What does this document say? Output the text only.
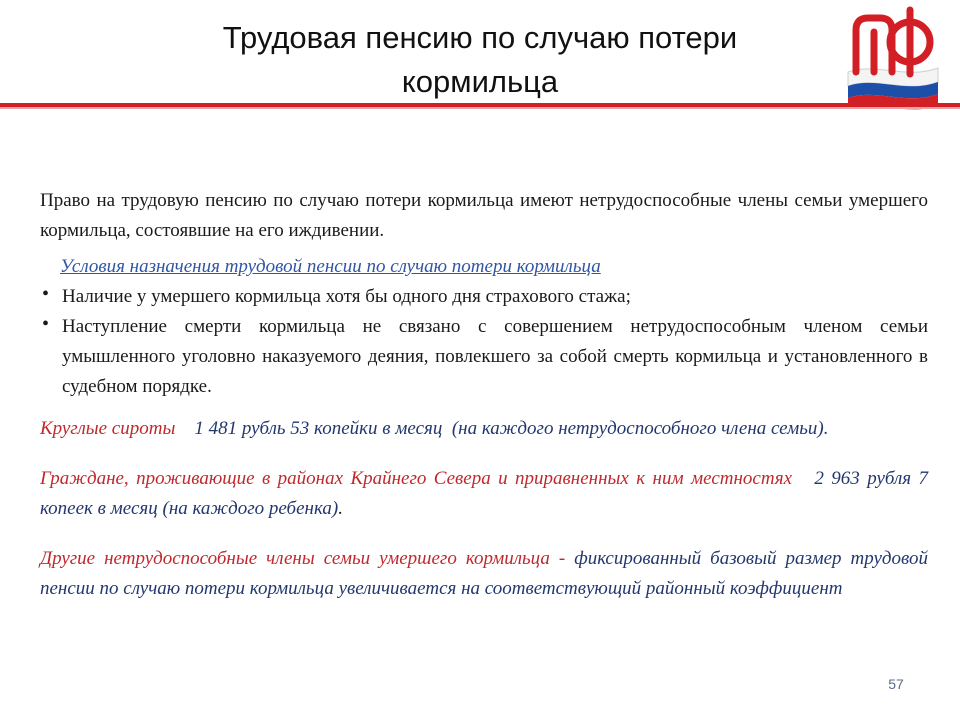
Трудовая пенсию по случаю потери
кормильца

Право на трудовую пенсию по случаю потери кормильца имеют нетрудоспособные члены семьи умершего кормильца, состоявшие на его иждивении.

Условия назначения трудовой пенсии по случаю потери кормильца

• Наличие у умершего кормильца хотя бы одного дня страхового стажа;
• Наступление смерти кормильца не связано с совершением нетрудоспособным членом семьи умышленного уголовно наказуемого деяния, повлекшего за собой смерть кормильца и установленного в судебном порядке.

Круглые сироты 1 481 рубль 53 копейки в месяц (на каждого нетрудоспособного члена семьи).

Граждане, проживающие в районах Крайнего Севера и приравненных к ним местностях 2 963 рубля 7 копеек в месяц (на каждого ребенка).

Другие нетрудоспособные члены семьи умершего кормильца - фиксированный базовый размер трудовой пенсии по случаю потери кормильца увеличивается на соответствующий районный коэффициент

57
